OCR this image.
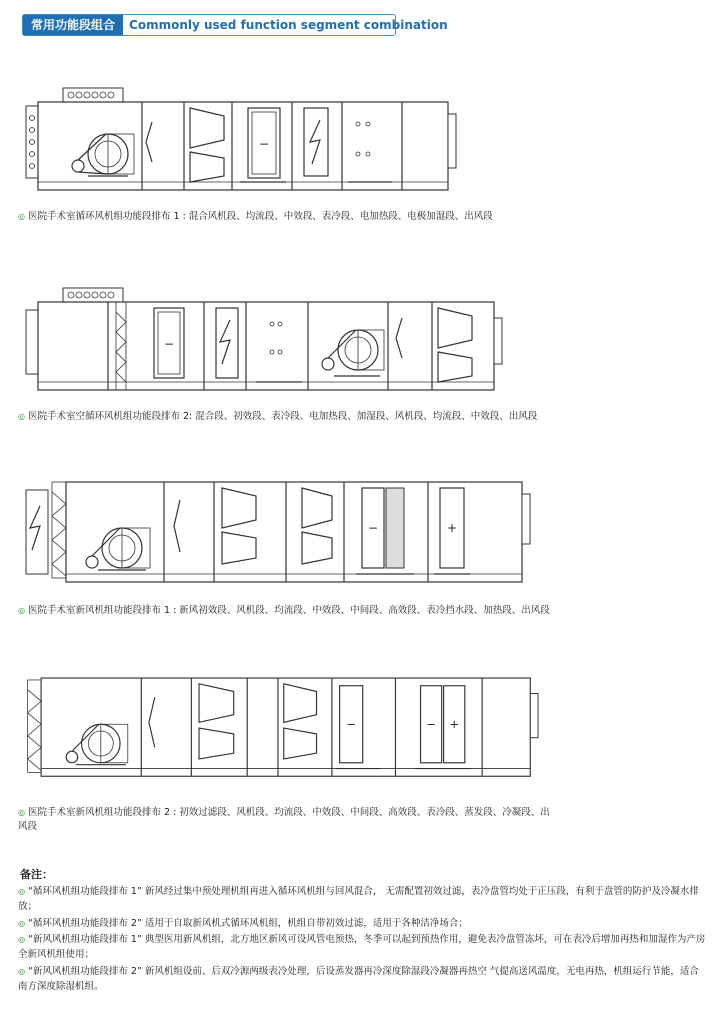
常用功能段组合	Commonly used function segment combination
−
◎ 医院手术室循环风机组功能段排布 1 : 混合风机段、均流段、中效段、表冷段、电加热段、电极加湿段、出风段
−
◎ 医院手术室空循环风机组功能段排布 2: 混合段、初效段、表冷段、电加热段、加湿段、风机段、均流段、中效段、出风段
−	+
◎ 医院手术室新风机组功能段排布 1 : 新风初效段、风机段、均流段、中效段、中间段、高效段、表冷挡水段、加热段、出风段
−	− +
◎ 医院手术室新风机组功能段排布 2 : 初效过滤段、风机段、均流段、中效段、中间段、高效段、表冷段、蒸发段、冷凝段、出风段
备注：
◎ “循环风机组功能段排布 1” 新风经过集中预处理机组再进入循环风机组与回风混合， 无需配置初效过滤，表冷盘管均处于正压段，有利于盘管的防护及冷凝水排放；
◎ “循环风机组功能段排布 2” 适用于自取新风机式循环风机组，机组自带初效过滤，适用于各种洁净场合；
◎ “新风风机组功能段排布 1” 典型医用新风机组，北方地区新风可设风管电预热，冬季可以起到预热作用，避免表冷盘管冻坏，可在表冷后增加再热和加湿作为产房全新风机组使用；
◎ “新风风机组功能段排布 2” 新风机组设前、后双冷源两级表冷处理，后设蒸发器再冷深度除湿段冷凝器再热空 气提高送风温度，无电再热，机组运行节能，适合南方深度除湿机组。
